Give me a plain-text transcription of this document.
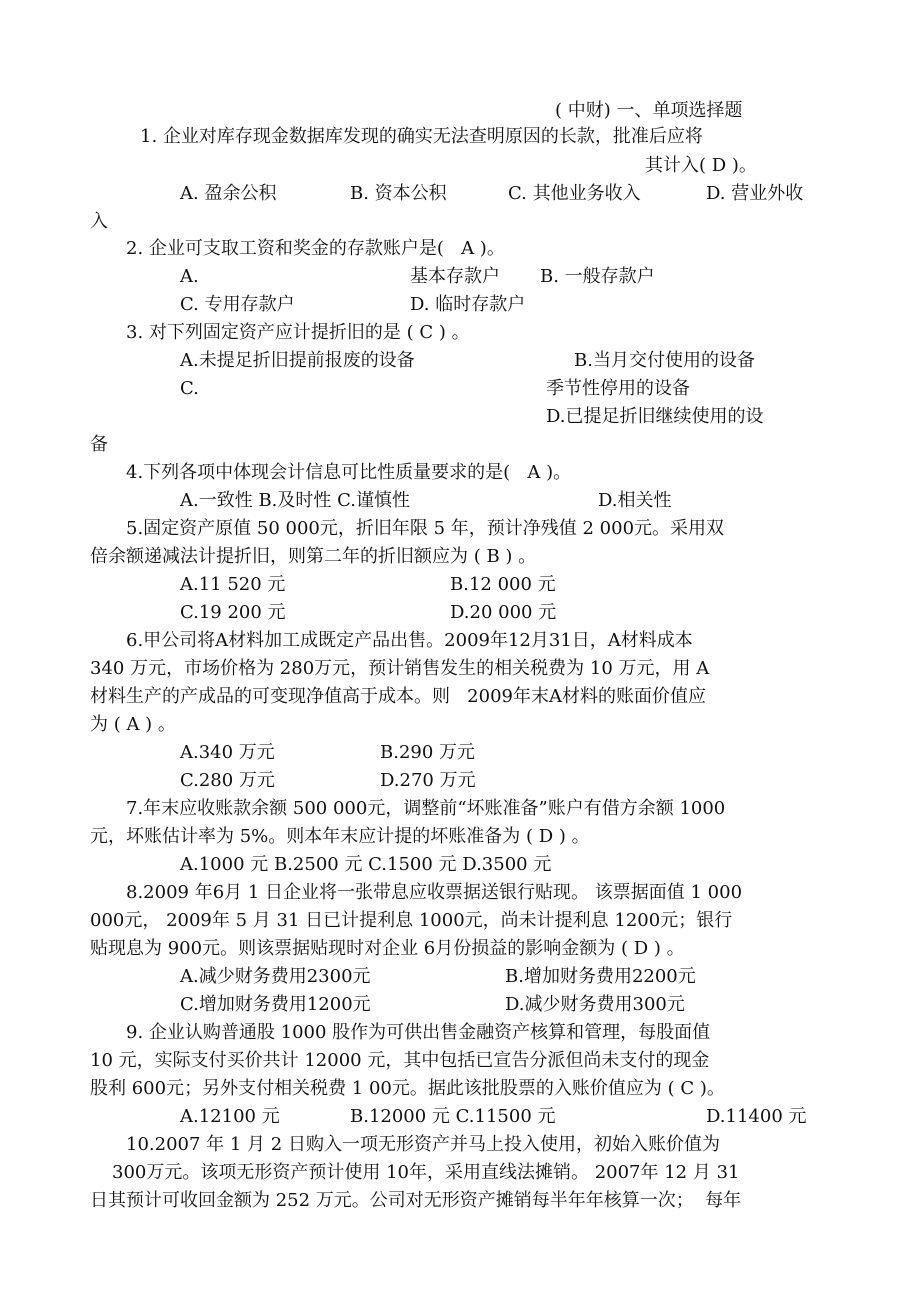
( 中财) 一、单项选择题
1. 企业对库存现金数据库发现的确实无法查明原因的长款，批准后应将
其计入( D )。
A. 盈余公积	B. 资本公积	C. 其他业务收入	D. 营业外收
入
2. 企业可支取工资和奖金的存款账户是(   A )。
A.	基本存款户 B. 一般存款户
C. 专用存款户	D. 临时存款户
3. 对下列固定资产应计提折旧的是 ( C ) 。
A.未提足折旧提前报废的设备	B.当月交付使用的设备
C.	季节性停用的设备
D.已提足折旧继续使用的设
备
4.下列各项中体现会计信息可比性质量要求的是(   A )。
A.一致性 B.及时性 C.谨慎性	D.相关性
5.固定资产原值 50 000元，折旧年限 5 年，预计净残值 2 000元。采用双
倍余额递减法计提折旧，则第二年的折旧额应为 ( B ) 。
A.11 520 元	B.12 000 元
C.19 200 元	D.20 000 元
6.甲公司将A材料加工成既定产品出售。2009年12月31日，A材料成本
340 万元，市场价格为 280万元，预计销售发生的相关税费为 10 万元，用 A
材料生产的产成品的可变现净值高于成本。则   2009年末A材料的账面价值应
为 ( A ) 。
A.340 万元	B.290 万元
C.280 万元	D.270 万元
7.年末应收账款余额 500 000元，调整前“坏账准备”账户有借方余额 1000
元，坏账估计率为 5%。则本年末应计提的坏账准备为 ( D ) 。
A.1000 元 B.2500 元 C.1500 元 D.3500 元
8.2009 年6月 1 日企业将一张带息应收票据送银行贴现。 该票据面值 1 000
000元， 2009年 5 月 31 日已计提利息 1000元，尚未计提利息 1200元；银行
贴现息为 900元。则该票据贴现时对企业 6月份损益的影响金额为 ( D ) 。
A.减少财务费用2300元	B.增加财务费用2200元
C.增加财务费用1200元	D.减少财务费用300元
9. 企业认购普通股 1000 股作为可供出售金融资产核算和管理，每股面值
10 元，实际支付买价共计 12000 元，其中包括已宣告分派但尚未支付的现金
股利 600元；另外支付相关税费 1 00元。据此该批股票的入账价值应为 ( C )。
A.12100 元	B.12000 元 C.11500 元	D.11400 元
10.2007 年 1 月 2 日购入一项无形资产并马上投入使用，初始入账价值为
300万元。该项无形资产预计使用 10年，采用直线法摊销。 2007年 12 月 31
日其预计可收回金额为 252 万元。公司对无形资产摊销每半年年核算一次；  每年
